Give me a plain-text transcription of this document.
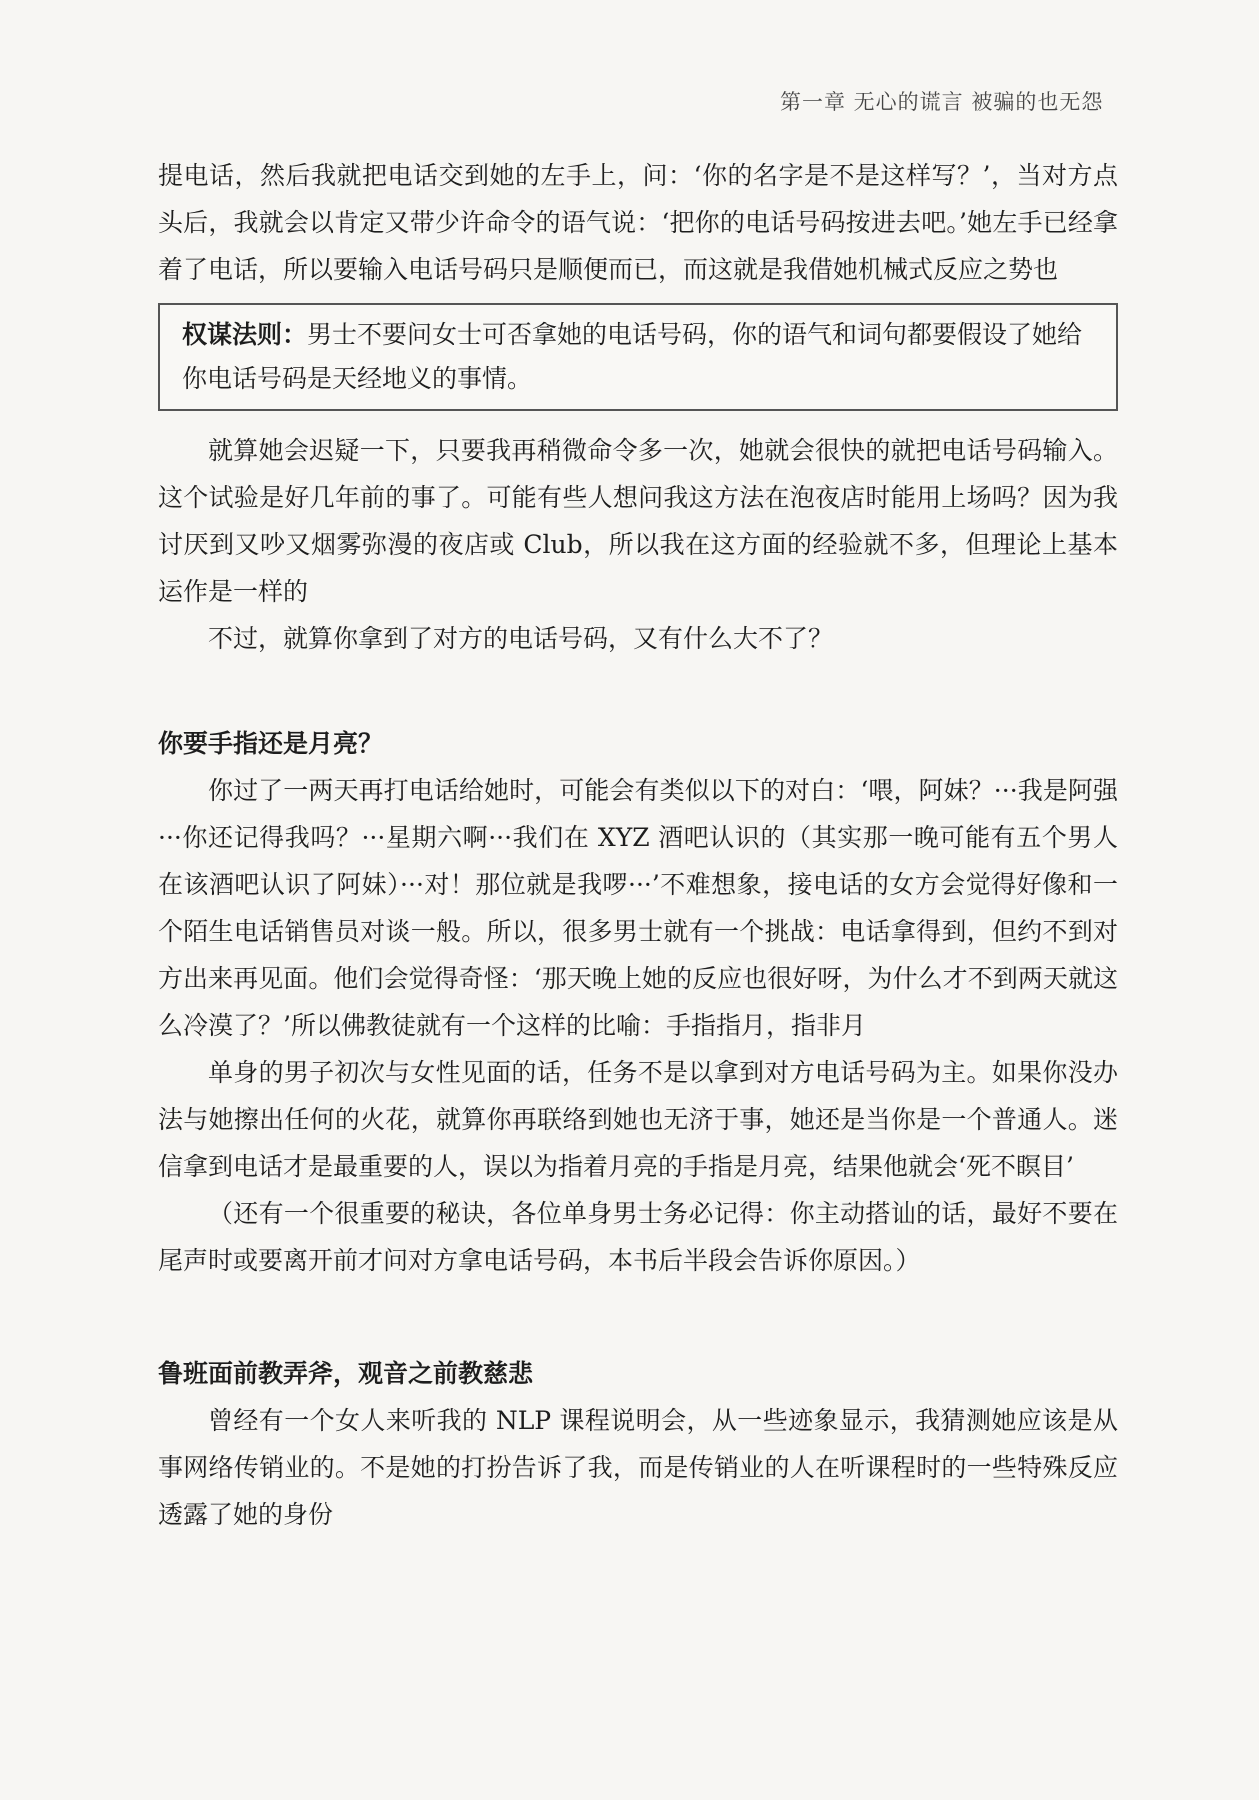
第一章 无心的谎言 被骗的也无怨

提电话，然后我就把电话交到她的左手上，问：‘你的名字是不是这样写？’，当对方点头后，我就会以肯定又带少许命令的语气说：‘把你的电话号码按进去吧。’她左手已经拿着了电话，所以要输入电话号码只是顺便而已，而这就是我借她机械式反应之势也

权谋法则：男士不要问女士可否拿她的电话号码，你的语气和词句都要假设了她给你电话号码是天经地义的事情。

就算她会迟疑一下，只要我再稍微命令多一次，她就会很快的就把电话号码输入。这个试验是好几年前的事了。可能有些人想问我这方法在泡夜店时能用上场吗？因为我讨厌到又吵又烟雾弥漫的夜店或 Club，所以我在这方面的经验就不多，但理论上基本运作是一样的

不过，就算你拿到了对方的电话号码，又有什么大不了？

你要手指还是月亮？

你过了一两天再打电话给她时，可能会有类似以下的对白：‘喂，阿妹？···我是阿强···你还记得我吗？···星期六啊···我们在 XYZ 酒吧认识的（其实那一晚可能有五个男人在该酒吧认识了阿妹）···对！那位就是我啰···’不难想象，接电话的女方会觉得好像和一个陌生电话销售员对谈一般。所以，很多男士就有一个挑战：电话拿得到，但约不到对方出来再见面。他们会觉得奇怪：‘那天晚上她的反应也很好呀，为什么才不到两天就这么冷漠了？’所以佛教徒就有一个这样的比喻：手指指月，指非月

单身的男子初次与女性见面的话，任务不是以拿到对方电话号码为主。如果你没办法与她擦出任何的火花，就算你再联络到她也无济于事，她还是当你是一个普通人。迷信拿到电话才是最重要的人，误以为指着月亮的手指是月亮，结果他就会‘死不瞑目’

（还有一个很重要的秘诀，各位单身男士务必记得：你主动搭讪的话，最好不要在尾声时或要离开前才问对方拿电话号码，本书后半段会告诉你原因。）

鲁班面前教弄斧，观音之前教慈悲

曾经有一个女人来听我的 NLP 课程说明会，从一些迹象显示，我猜测她应该是从事网络传销业的。不是她的打扮告诉了我，而是传销业的人在听课程时的一些特殊反应透露了她的身份
